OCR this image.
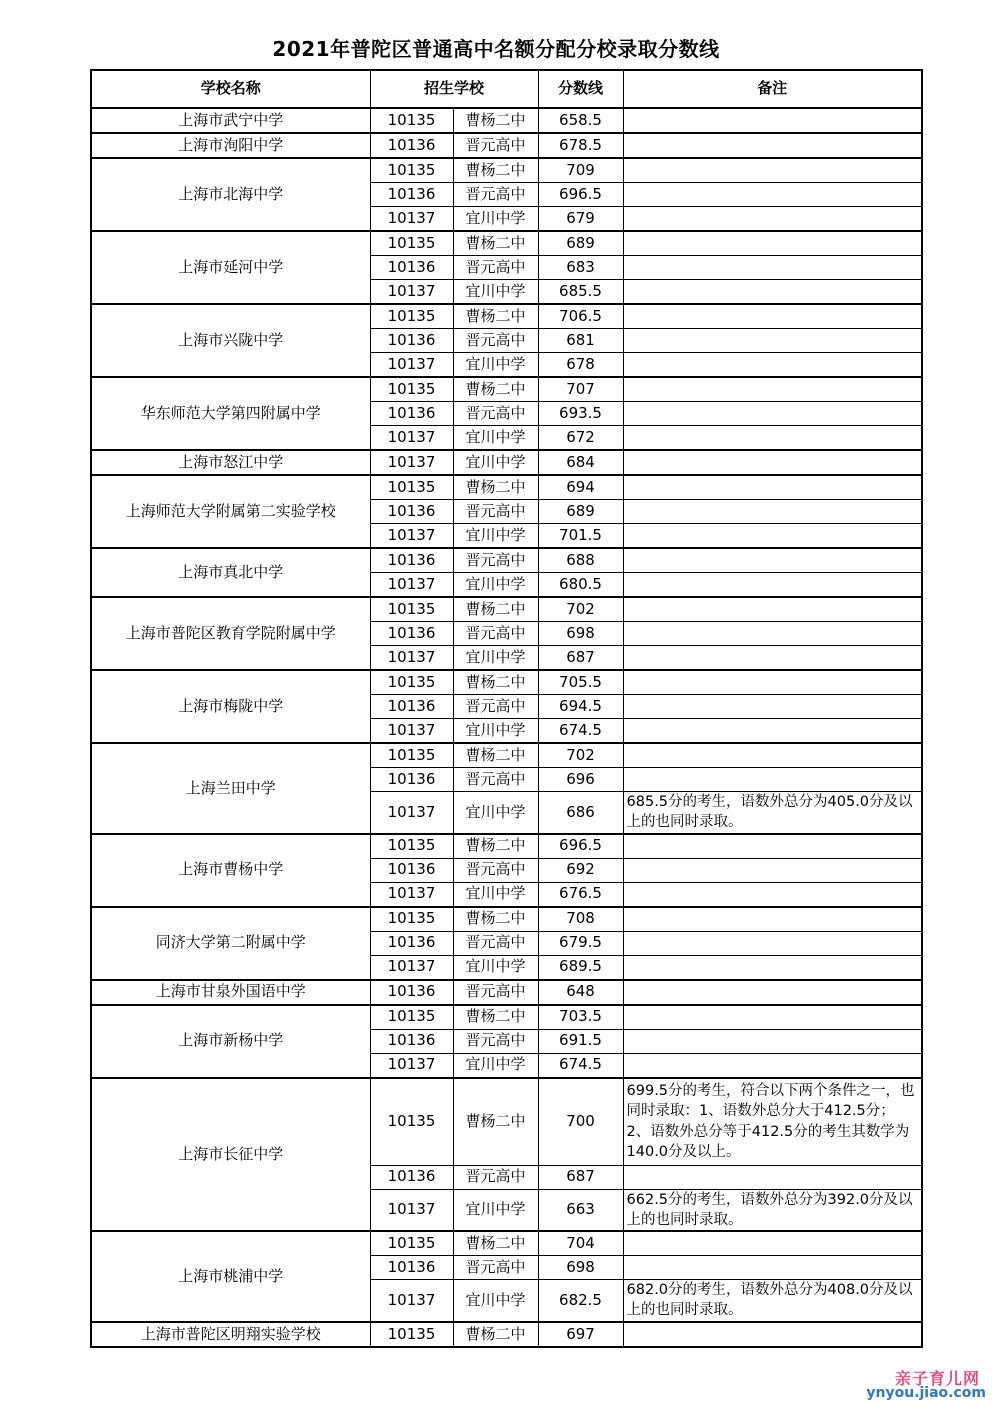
2021年普陀区普通高中名额分配分校录取分数线
学校名称	招生学校		分数线	备注
上海市武宁中学	10135	曹杨二中	658.5	
上海市洵阳中学	10136	晋元高中	678.5	
上海市北海中学	10135	曹杨二中	709	
	10136	晋元高中	696.5	
	10137	宜川中学	679	
上海市延河中学	10135	曹杨二中	689	
	10136	晋元高中	683	
	10137	宜川中学	685.5	
上海市兴陇中学	10135	曹杨二中	706.5	
	10136	晋元高中	681	
	10137	宜川中学	678	
华东师范大学第四附属中学	10135	曹杨二中	707	
	10136	晋元高中	693.5	
	10137	宜川中学	672	
上海市怒江中学	10137	宜川中学	684	
上海师范大学附属第二实验学校	10135	曹杨二中	694	
	10136	晋元高中	689	
	10137	宜川中学	701.5	
上海市真北中学	10136	晋元高中	688	
	10137	宜川中学	680.5	
上海市普陀区教育学院附属中学	10135	曹杨二中	702	
	10136	晋元高中	698	
	10137	宜川中学	687	
上海市梅陇中学	10135	曹杨二中	705.5	
	10136	晋元高中	694.5	
	10137	宜川中学	674.5	
上海兰田中学	10135	曹杨二中	702	
	10136	晋元高中	696	
	10137	宜川中学	686	685.5分的考生，语数外总分为405.0分及以上的也同时录取。
上海市曹杨中学	10135	曹杨二中	696.5	
	10136	晋元高中	692	
	10137	宜川中学	676.5	
同济大学第二附属中学	10135	曹杨二中	708	
	10136	晋元高中	679.5	
	10137	宜川中学	689.5	
上海市甘泉外国语中学	10136	晋元高中	648	
上海市新杨中学	10135	曹杨二中	703.5	
	10136	晋元高中	691.5	
	10137	宜川中学	674.5	
上海市长征中学	10135	曹杨二中	700	699.5分的考生，符合以下两个条件之一，也同时录取：1、语数外总分大于412.5分；2、语数外总分等于412.5分的考生其数学为140.0分及以上。
	10136	晋元高中	687	
	10137	宜川中学	663	662.5分的考生，语数外总分为392.0分及以上的也同时录取。
上海市桃浦中学	10135	曹杨二中	704	
	10136	晋元高中	698	
	10137	宜川中学	682.5	682.0分的考生，语数外总分为408.0分及以上的也同时录取。
上海市普陀区明翔实验学校	10135	曹杨二中	697	
亲子育儿网
ynyou.jiao.com
